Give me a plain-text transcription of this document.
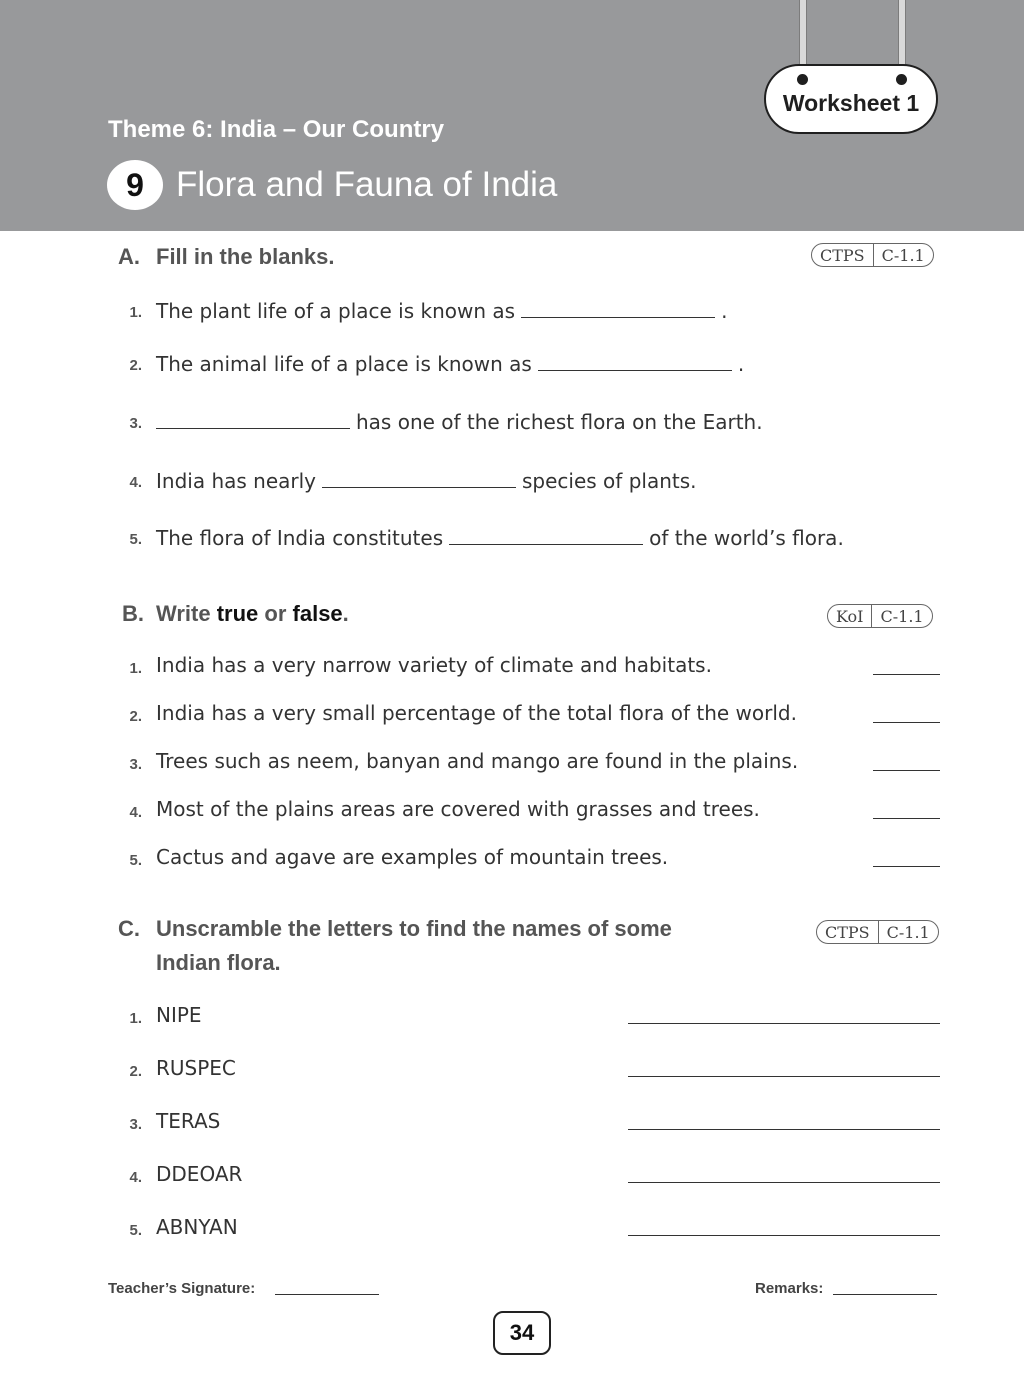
Worksheet 1
Theme 6: India – Our Country
9 Flora and Fauna of India
A. Fill in the blanks.	CTPS	C-1.1
1. The plant life of a place is known as	.
2. The animal life of a place is known as	.
3.	has one of the richest flora on the Earth.
4. India has nearly	species of plants.
5. The flora of India constitutes	of the world’s flora.
B. Write true or false.	KoI	C-1.1
1. India has a very narrow variety of climate and habitats.
2. India has a very small percentage of the total flora of the world.
3. Trees such as neem, banyan and mango are found in the plains.
4. Most of the plains areas are covered with grasses and trees.
5. Cactus and agave are examples of mountain trees.
C. Unscramble the letters to find the names of some
Indian flora.
CTPS	C-1.1
1. NIPE
2. RUSPEC
3. TERAS
4. DDEOAR
5. ABNYAN
Teacher’s Signature:	Remarks:
34
